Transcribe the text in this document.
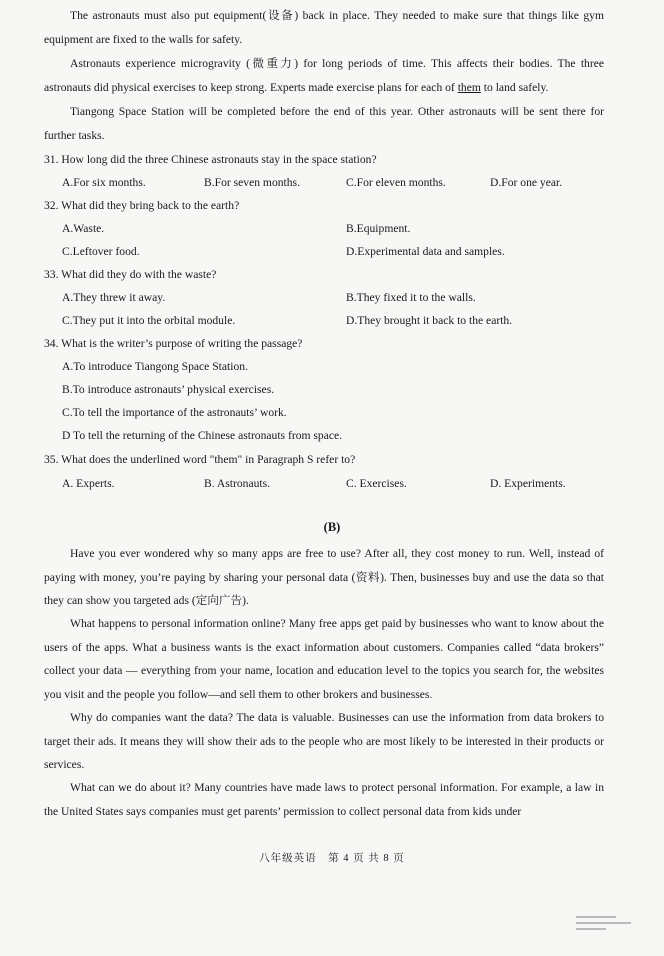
The astronauts must also put equipment(设备) back in place. They needed to make sure that things like gym equipment are fixed to the walls for safety.

Astronauts experience microgravity (微重力) for long periods of time. This affects their bodies. The three astronauts did physical exercises to keep strong. Experts made exercise plans for each of them to land safely.

Tiangong Space Station will be completed before the end of this year. Other astronauts will be sent there for further tasks.

31. How long did the three Chinese astronauts stay in the space station?
A.For six months.	B.For seven months.	C.For eleven months.	D.For one year.
32. What did they bring back to the earth?
A.Waste.	B.Equipment.
C.Leftover food.	D.Experimental data and samples.
33. What did they do with the waste?
A.They threw it away.	B.They fixed it to the walls.
C.They put it into the orbital module.	D.They brought it back to the earth.
34. What is the writer’s purpose of writing the passage?
A.To introduce Tiangong Space Station.
B.To introduce astronauts’ physical exercises.
C.To tell the importance of the astronauts’ work.
D To tell the returning of the Chinese astronauts from space.
35. What does the underlined word "them" in Paragraph S refer to?
A. Experts.	B. Astronauts.	C. Exercises.	D. Experiments.
(B)

Have you ever wondered why so many apps are free to use? After all, they cost money to run. Well, instead of paying with money, you’re paying by sharing your personal data (资料). Then, businesses buy and use the data so that they can show you targeted ads (定向广告).

What happens to personal information online? Many free apps get paid by businesses who want to know about the users of the apps. What a business wants is the exact information about customers. Companies called “data brokers” collect your data — everything from your name, location and education level to the topics you search for, the websites you visit and the people you follow—and sell them to other brokers and businesses.

Why do companies want the data? The data is valuable. Businesses can use the information from data brokers to target their ads. It means they will show their ads to the people who are most likely to be interested in their products or services.

What can we do about it? Many countries have made laws to protect personal information. For example, a law in the United States says companies must get parents’ permission to collect personal data from kids under

八年级英语　第 4 页 共 8 页
